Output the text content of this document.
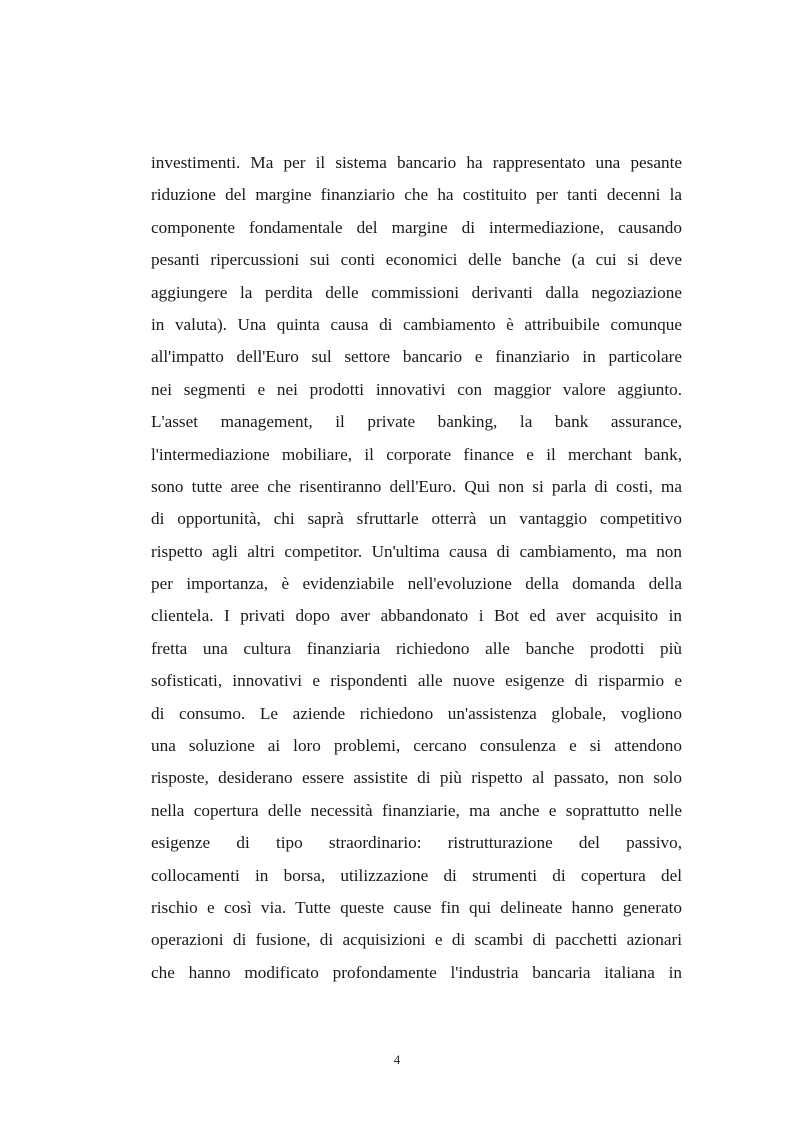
investimenti. Ma per il sistema bancario ha rappresentato una pesante
riduzione del margine finanziario che ha costituito per tanti decenni la
componente fondamentale del margine di intermediazione, causando
pesanti ripercussioni sui conti economici delle banche (a cui si deve
aggiungere la perdita delle commissioni derivanti dalla negoziazione
in valuta). Una quinta causa di cambiamento è attribuibile comunque
all'impatto dell'Euro sul settore bancario e finanziario in particolare
nei segmenti e nei prodotti innovativi con maggior valore aggiunto.
L'asset management, il private banking, la bank assurance,
l'intermediazione mobiliare, il corporate finance e il merchant bank,
sono tutte aree che risentiranno dell'Euro. Qui non si parla di costi, ma
di opportunità, chi saprà sfruttarle otterrà un vantaggio competitivo
rispetto agli altri competitor. Un'ultima causa di cambiamento, ma non
per importanza, è evidenziabile nell'evoluzione della domanda della
clientela. I privati dopo aver abbandonato i Bot ed aver acquisito in
fretta una cultura finanziaria richiedono alle banche prodotti più
sofisticati, innovativi e rispondenti alle nuove esigenze di risparmio e
di consumo. Le aziende richiedono un'assistenza globale, vogliono
una soluzione ai loro problemi, cercano consulenza e si attendono
risposte, desiderano essere assistite di più rispetto al passato, non solo
nella copertura delle necessità finanziarie, ma anche e soprattutto nelle
esigenze di tipo straordinario: ristrutturazione del passivo,
collocamenti in borsa, utilizzazione di strumenti di copertura del
rischio e così via. Tutte queste cause fin qui delineate hanno generato
operazioni di fusione, di acquisizioni e di scambi di pacchetti azionari
che hanno modificato profondamente l'industria bancaria italiana in
4
